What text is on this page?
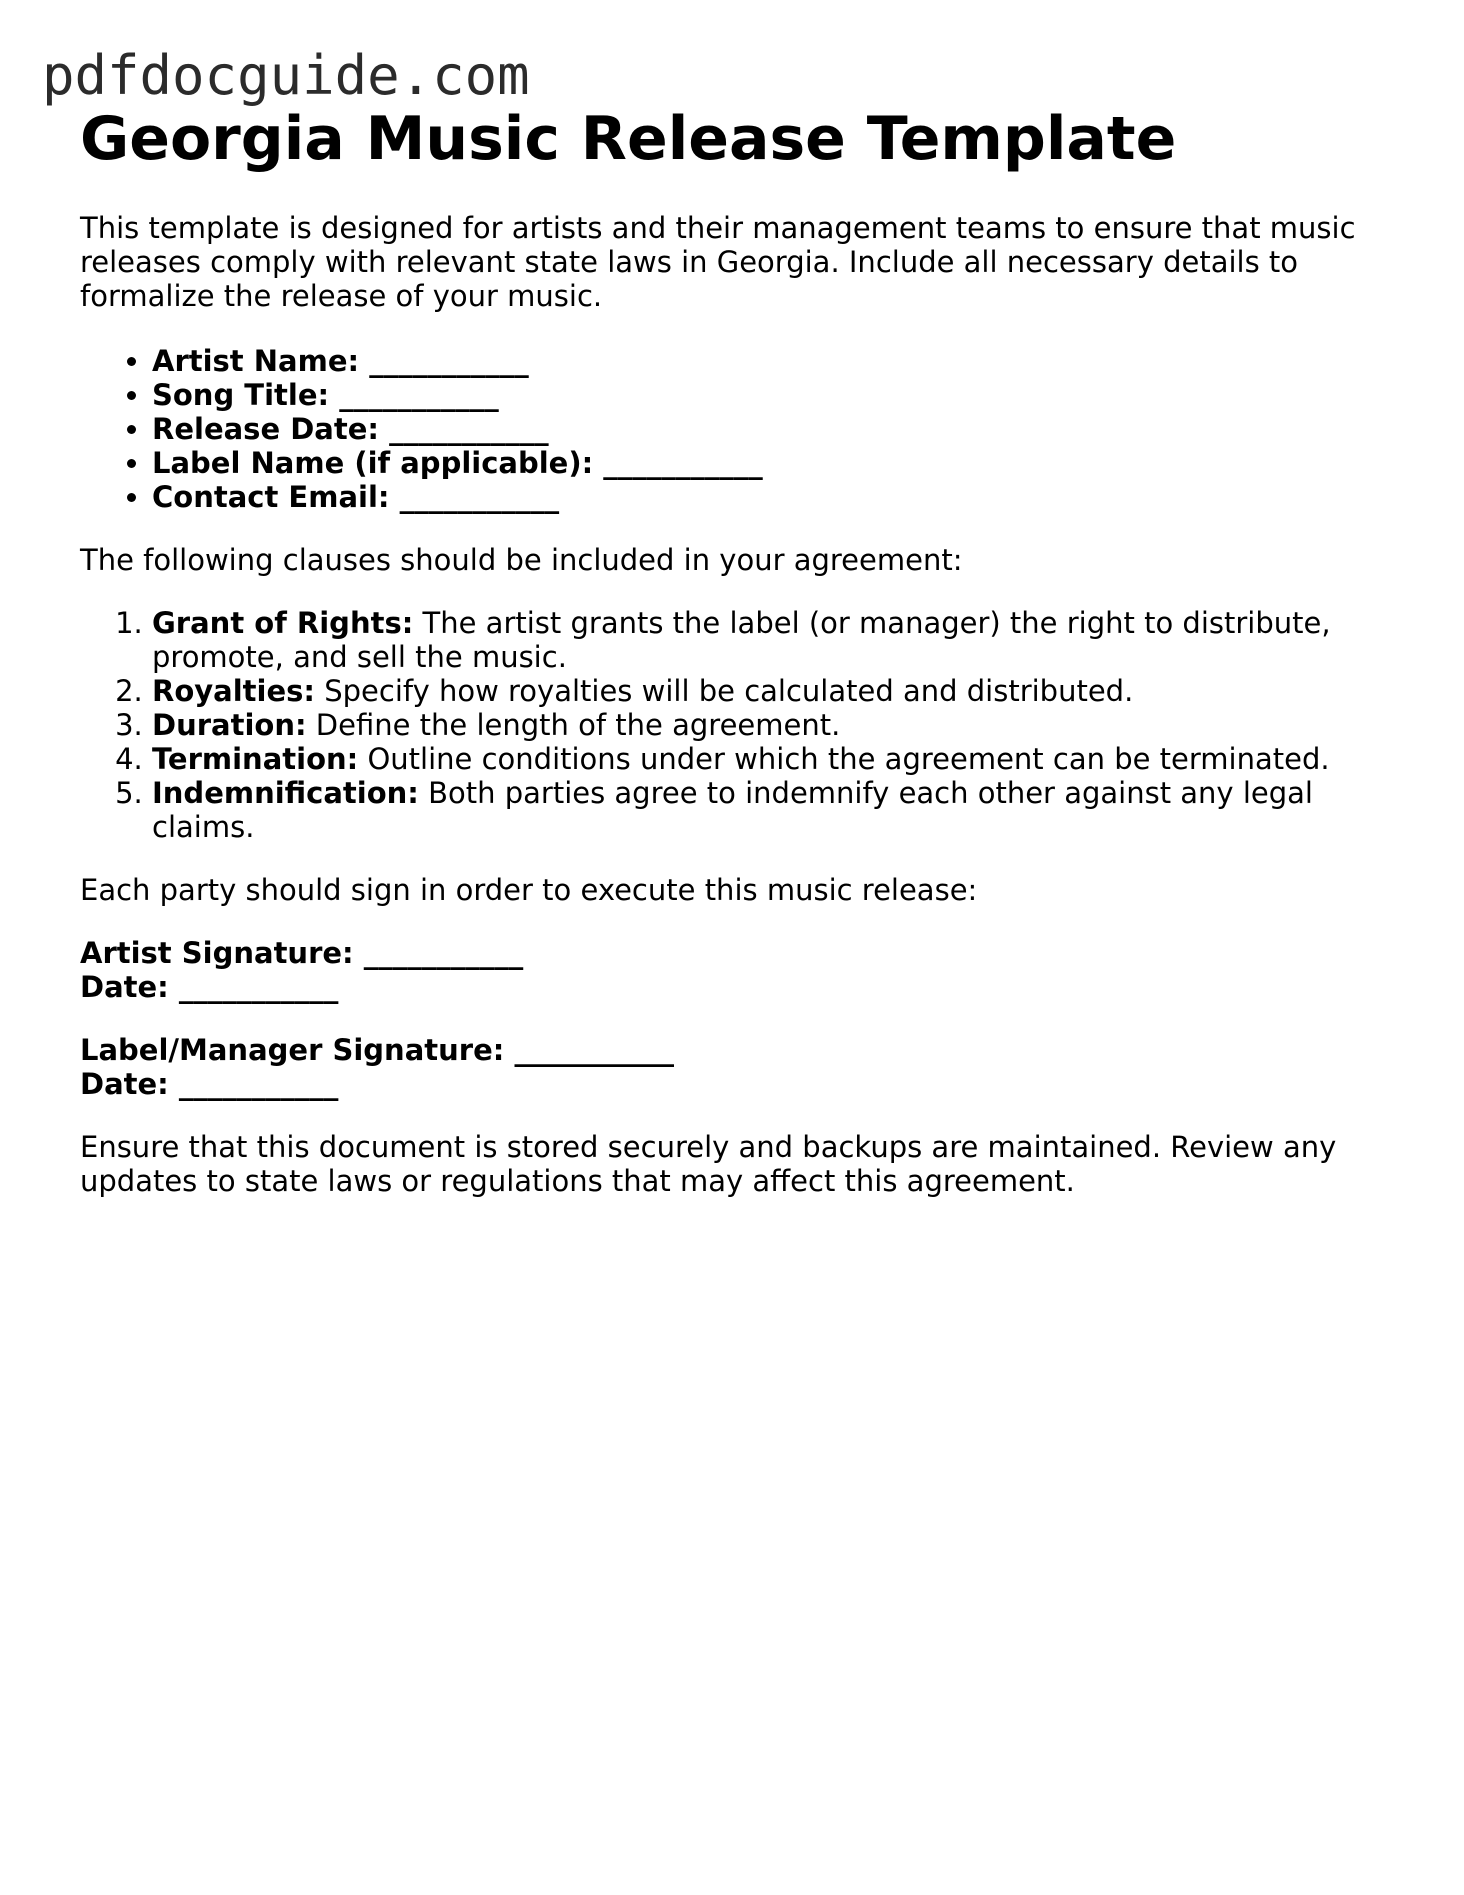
pdfdocguide.com
Georgia Music Release Template

This template is designed for artists and their management teams to ensure that music releases comply with relevant state laws in Georgia. Include all necessary details to formalize the release of your music.

• Artist Name: ___________
• Song Title: ___________
• Release Date: ___________
• Label Name (if applicable): ___________
• Contact Email: ___________

The following clauses should be included in your agreement:

1. Grant of Rights: The artist grants the label (or manager) the right to distribute, promote, and sell the music.
2. Royalties: Specify how royalties will be calculated and distributed.
3. Duration: Define the length of the agreement.
4. Termination: Outline conditions under which the agreement can be terminated.
5. Indemnification: Both parties agree to indemnify each other against any legal claims.

Each party should sign in order to execute this music release:

Artist Signature: ___________
Date: ___________
Label/Manager Signature: ___________
Date: ___________

Ensure that this document is stored securely and backups are maintained. Review any updates to state laws or regulations that may affect this agreement.
